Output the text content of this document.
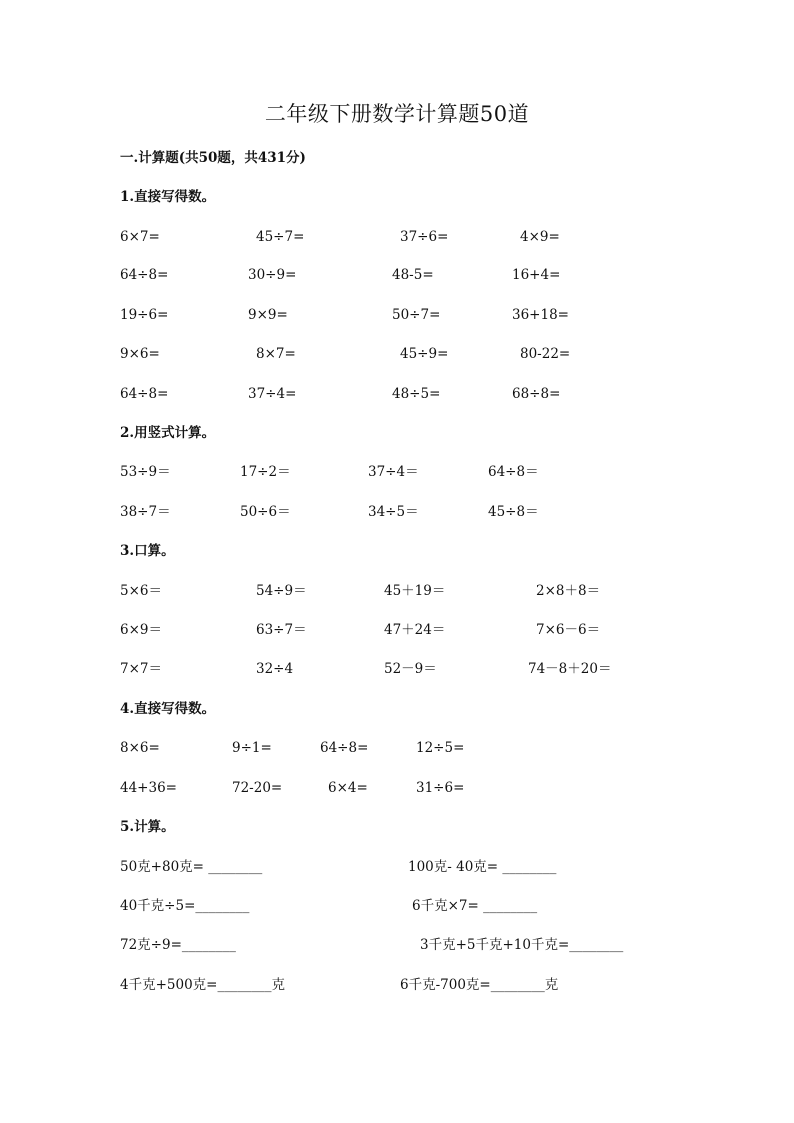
二年级下册数学计算题50道
一.计算题(共50题，共431分)
1.直接写得数。
6×7=	45÷7=	37÷6=	4×9=
64÷8=	30÷9=	48-5=	16+4=
19÷6=	9×9=	50÷7=	36+18=
9×6=	8×7=	45÷9=	80-22=
64÷8=	37÷4=	48÷5=	68÷8=
2.用竖式计算。
53÷9＝	17÷2＝	37÷4＝	64÷8＝
38÷7＝	50÷6＝	34÷5＝	45÷8＝
3.口算。
5×6＝	54÷9＝	45＋19＝	2×8＋8＝
6×9＝	63÷7＝	47＋24＝	7×6－6＝
7×7＝	32÷4	52－9＝	74－8＋20＝
4.直接写得数。
8×6=	9÷1=	64÷8=	12÷5=
44+36=	72-20=	6×4=	31÷6=
5.计算。
50克+80克= ________	100克- 40克= ________
40千克÷5=________	6千克×7= ________
72克÷9=________	3千克+5千克+10千克=________
4千克+500克=________克	6千克-700克=________克
